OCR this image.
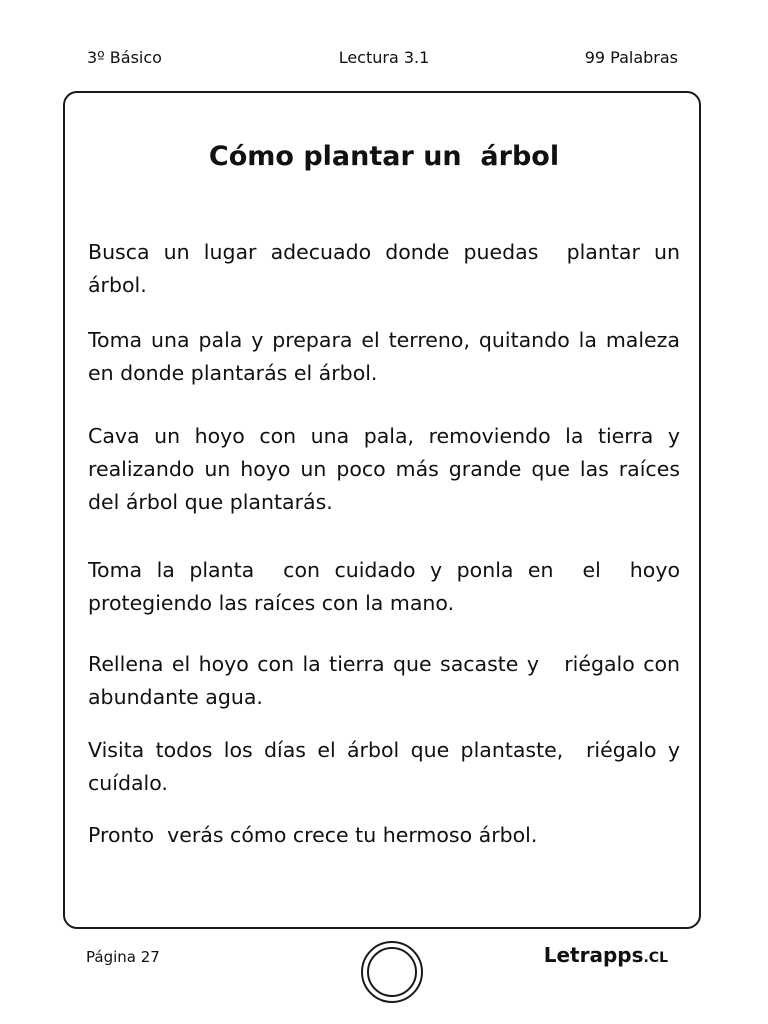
3º Básico	Lectura 3.1	99 Palabras
Cómo plantar un  árbol
Busca un lugar adecuado donde puedas  plantar un árbol.
Toma una pala y prepara el terreno, quitando la maleza en donde plantarás el árbol.
Cava un hoyo con una pala, removiendo la tierra y realizando un hoyo un poco más grande que las raíces del árbol que plantarás.
Toma la planta  con cuidado y ponla en  el  hoyo protegiendo las raíces con la mano.
Rellena el hoyo con la tierra que sacaste y   riégalo con abundante agua.
Visita todos los días el árbol que plantaste,  riégalo y cuídalo.
Pronto  verás cómo crece tu hermoso árbol.
Página 27	Letrapps.CL
